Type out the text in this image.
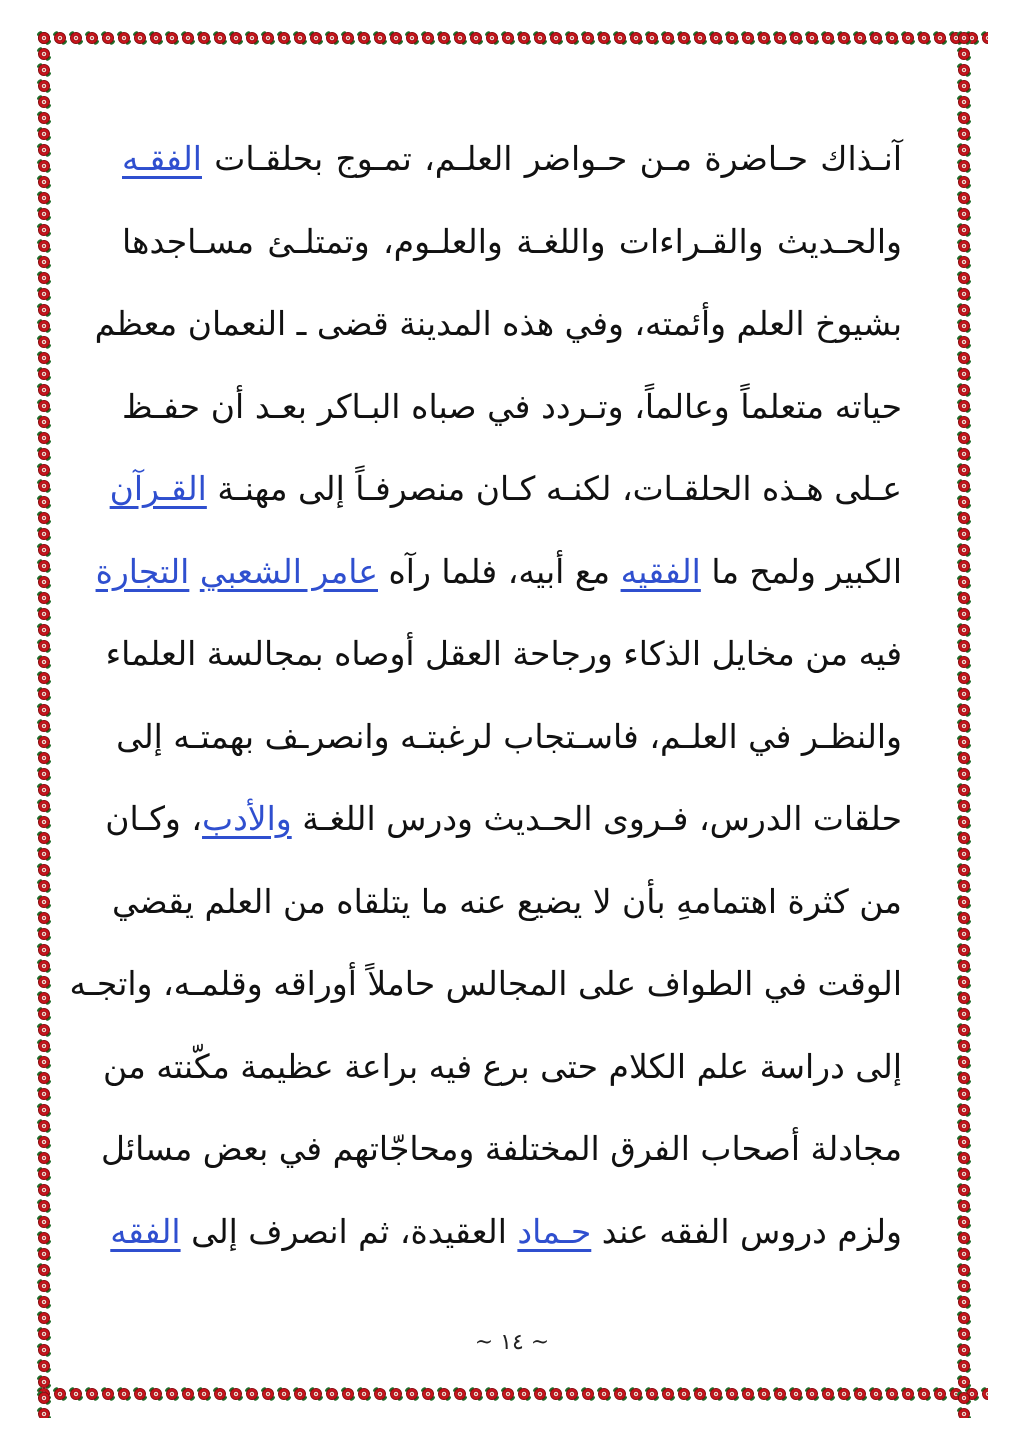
آنـذاك حـاضرة مـن حـواضر العلـم، تمـوج بحلقـات الفقـه
والحـديث والقـراءات واللغـة والعلـوم، وتمتلـئ مسـاجدها
بشيوخ العلم وأئمته، وفي هذه المدينة قضى ـ النعمان معظم
حياته متعلماً وعالماً، وتـردد في صباه البـاكر بعـد أن حفـظ
عـلى هـذه الحلقـات، لكنـه كـان منصرفـاً إلى مهنـة القـرآن
الكبير ولمح ما الفقيه مع أبيه، فلما رآه عامر الشعبي التجارة
فيه من مخايل الذكاء ورجاحة العقل أوصاه بمجالسة العلماء
والنظـر في العلـم، فاسـتجاب لرغبتـه وانصرـف بهمتـه إلى
حلقات الدرس، فـروى الحـديث ودرس اللغـة والأدب، وكـان
من كثرة اهتمامهِ بأن لا يضيع عنه ما يتلقاه من العلم يقضي
الوقت في الطواف على المجالس حاملاً أوراقه وقلمـه، واتجـه
إلى دراسة علم الكلام حتى برع فيه براعة عظيمة مكّنته من
مجادلة أصحاب الفرق المختلفة ومحاجّاتهم في بعض مسائل
ولزم دروس الفقه عند حـماد العقيدة، ثم انصرف إلى الفقه
~ ١٤ ~
